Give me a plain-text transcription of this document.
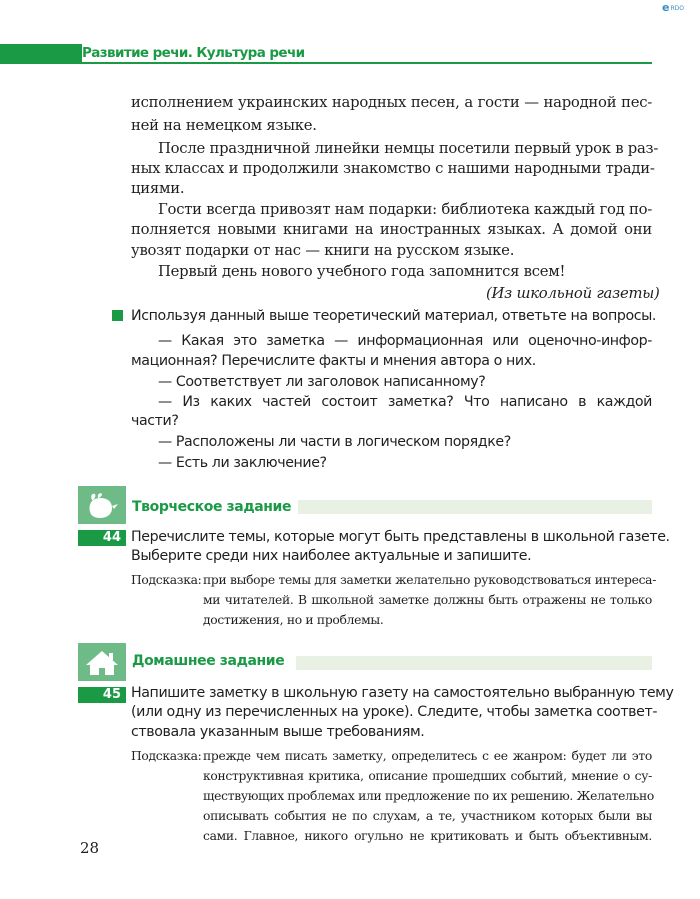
e RDO
Развитие речи. Культура речи
исполнением украинских народных песен, а гости — народной пес-
ней на немецком языке.
После праздничной линейки немцы посетили первый урок в раз-
ных классах и продолжили знакомство с нашими народными тради-
циями.
Гости всегда привозят нам подарки: библиотека каждый год по-
полняется новыми книгами на иностранных языках. А домой они
увозят подарки от нас — книги на русском языке.
Первый день нового учебного года запомнится всем!
(Из школьной газеты)
Используя данный выше теоретический материал, ответьте на вопросы.
— Какая это заметка — информационная или оценочно-инфор-
мационная? Перечислите факты и мнения автора о них.
— Соответствует ли заголовок написанному?
— Из каких частей состоит заметка? Что написано в каждой
части?
— Расположены ли части в логическом порядке?
— Есть ли заключение?
Творческое задание
44 Перечислите темы, которые могут быть представлены в школьной газете.
Выберите среди них наиболее актуальные и запишите.
Подсказка: при выборе темы для заметки желательно руководствоваться интереса-
ми читателей. В школьной заметке должны быть отражены не только
достижения, но и проблемы.
Домашнее задание
45 Напишите заметку в школьную газету на самостоятельно выбранную тему
(или одну из перечисленных на уроке). Следите, чтобы заметка соответ-
ствовала указанным выше требованиям.
Подсказка: прежде чем писать заметку, определитесь с ее жанром: будет ли это
конструктивная критика, описание прошедших событий, мнение о су-
ществующих проблемах или предложение по их решению. Желательно
описывать события не по слухам, а те, участником которых были вы
сами. Главное, никого огульно не критиковать и быть объективным.
28
